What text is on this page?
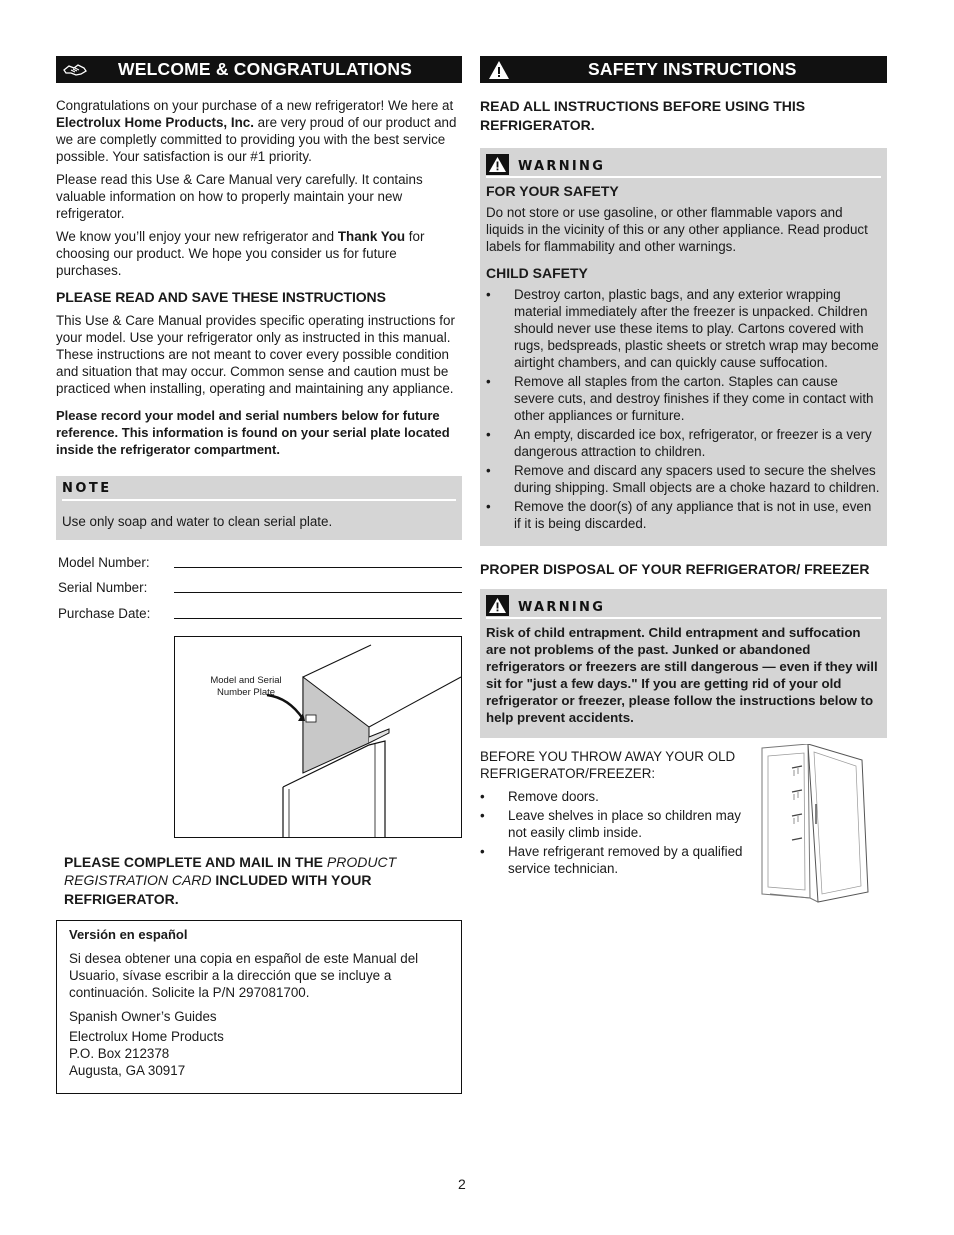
WELCOME & CONGRATULATIONS

Congratulations on your purchase of a new refrigerator! We here at Electrolux Home Products, Inc. are very proud of our product and we are completly committed to providing you with the best service possible. Your satisfaction is our #1 priority.

Please read this Use & Care Manual very carefully. It contains valuable information on how to properly maintain your new refrigerator.

We know you’ll enjoy your new refrigerator and Thank You for choosing our product. We hope you consider us for future purchases.

PLEASE READ AND SAVE THESE INSTRUCTIONS

This Use & Care Manual provides specific operating instructions for your model. Use your refrigerator only as instructed in this manual. These instructions are not meant to cover every possible condition and situation that may occur. Common sense and caution must be practiced when installing, operating and maintaining any appliance.

Please record your model and serial numbers below for future reference. This information is found on your serial plate located inside the refrigerator compartment.

NOTE
Use only soap and water to clean serial plate.
Model Number:
Serial Number:
Purchase Date:
Model and Serial Number Plate
PLEASE COMPLETE AND MAIL IN THE PRODUCT REGISTRATION CARD INCLUDED WITH YOUR REFRIGERATOR.
Versión en español

Si desea obtener una copia en español de este Manual del Usuario, sívase escribir a la dirección que se incluye a continuación. Solicite la P/N 297081700.

Spanish Owner’s Guides

Electrolux Home Products
P.O. Box 212378
Augusta, GA 30917
SAFETY INSTRUCTIONS
READ ALL INSTRUCTIONS BEFORE USING THIS REFRIGERATOR.
WARNING
FOR YOUR SAFETY

Do not store or use gasoline, or other flammable vapors and liquids in the vicinity of this or any other appliance. Read product labels for flammability and other warnings.

CHILD SAFETY
• Destroy carton, plastic bags, and any exterior wrapping material immediately after the freezer is unpacked. Children should never use these items to play. Cartons covered with rugs, bedspreads, plastic sheets or stretch wrap may become airtight chambers, and can quickly cause suffocation.
• Remove all staples from the carton. Staples can cause severe cuts, and destroy finishes if they come in contact with other appliances or furniture.
• An empty, discarded ice box, refrigerator, or freezer is a very dangerous attraction to children.
• Remove and discard any spacers used to secure the shelves during shipping. Small objects are a choke hazard to children.
• Remove the door(s) of any appliance that is not in use, even if it is being discarded.
PROPER DISPOSAL OF YOUR REFRIGERATOR/ FREEZER
WARNING
Risk of child entrapment. Child entrapment and suffocation are not problems of the past. Junked or abandoned refrigerators or freezers are still dangerous — even if they will sit for "just a few days." If you are getting rid of your old refrigerator or freezer, please follow the instructions below to help prevent accidents.

BEFORE YOU THROW AWAY YOUR OLD REFRIGERATOR/FREEZER:

• Remove doors.
• Leave shelves in place so children may not easily climb inside.
• Have refrigerant removed by a qualified service technician.
2
